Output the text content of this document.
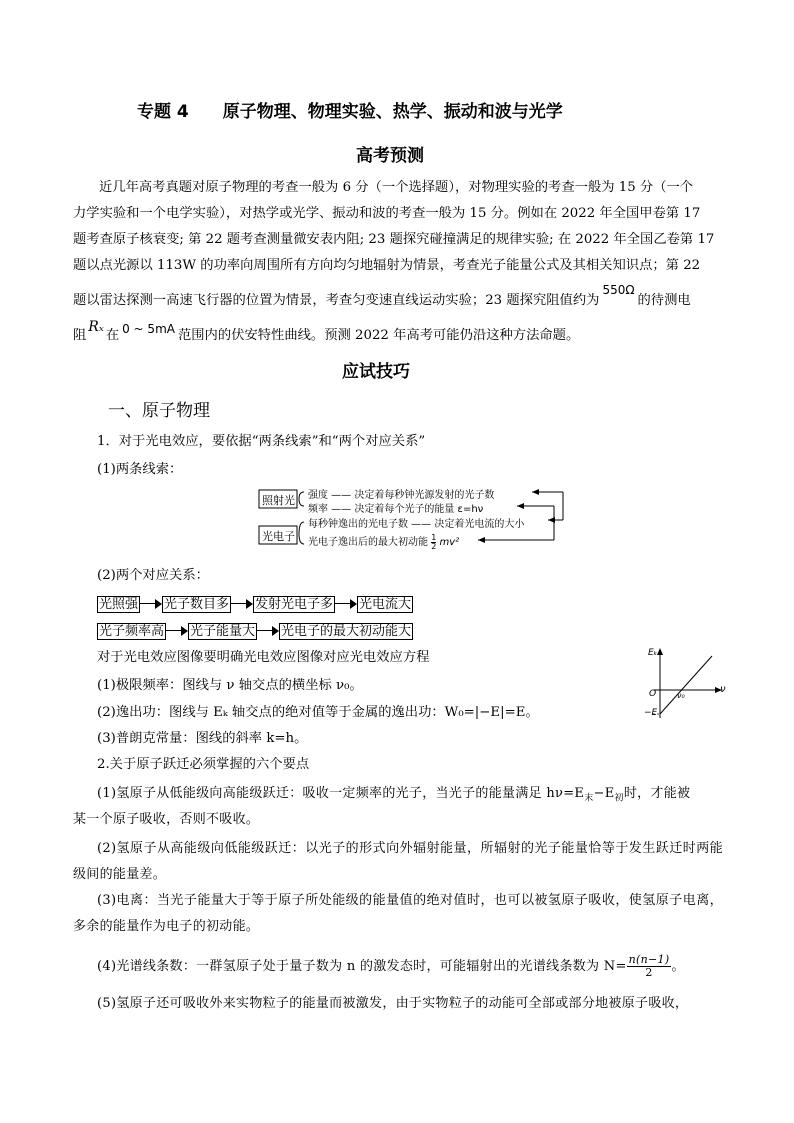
专题 4　　原子物理、物理实验、热学、振动和波与光学
高考预测
近几年高考真题对原子物理的考查一般为 6 分（一个选择题），对物理实验的考查一般为 15 分（一个
力学实验和一个电学实验），对热学或光学、振动和波的考查一般为 15 分。例如在 2022 年全国甲卷第 17
题考查原子核衰变; 第 22 题考查测量微安表内阻; 23 题探究碰撞满足的规律实验; 在 2022 年全国乙卷第 17
题以点光源以 113W 的功率向周围所有方向均匀地辐射为情景，考查光子能量公式及其相关知识点；第 22
题以雷达探测一高速飞行器的位置为情景，考查匀变速直线运动实验；23 题探究阻值约为550Ω的待测电
阻Rₓ在 0 ~ 5mA 范围内的伏安特性曲线。预测 2022 年高考可能仍沿这种方法命题。
应试技巧
一、原子物理
1．对于光电效应，要依据“两条线索”和“两个对应关系”
(1)两条线索：
照射光
光电子
强度 —— 决定着每秒钟光源发射的光子数
频率 —— 决定着每个光子的能量 ε=hν
每秒钟逸出的光电子数 —— 决定着光电流的大小
光电子逸出后的最大初动能 $\frac{1}{2} mv^2$
(2)两个对应关系：
光照强 光子数目多 发射光电子多 光电流大
光子频率高 光子能量大 光电子的最大初动能大
对于光电效应图像要明确光电效应图像对应光电效应方程
(1)极限频率：图线与 ν 轴交点的横坐标 ν₀。
(2)逸出功：图线与 Eₖ 轴交点的绝对值等于金属的逸出功：W₀=|−E|=E。
(3)普朗克常量：图线的斜率 k=h。
Eₖ
ν
O	ν₀
−E
2.关于原子跃迁必须掌握的六个要点
(1)氢原子从低能级向高能级跃迁：吸收一定频率的光子，当光子的能量满足 $h\nu=E_末-E_初$时，才能被
某一个原子吸收，否则不吸收。
(2)氢原子从高能级向低能级跃迁：以光子的形式向外辐射能量，所辐射的光子能量恰等于发生跃迁时两能级间的能量差。
(3)电离：当光子能量大于等于原子所处能级的能量值的绝对值时，也可以被氢原子吸收，使氢原子电离，多余的能量作为电子的初动能。
(4)光谱线条数：一群氢原子处于量子数为 n 的激发态时，可能辐射出的光谱线条数为 $N= \frac{n(n-1)}{2}$ 。
(5)氢原子还可吸收外来实物粒子的能量而被激发，由于实物粒子的动能可全部或部分地被原子吸收，
